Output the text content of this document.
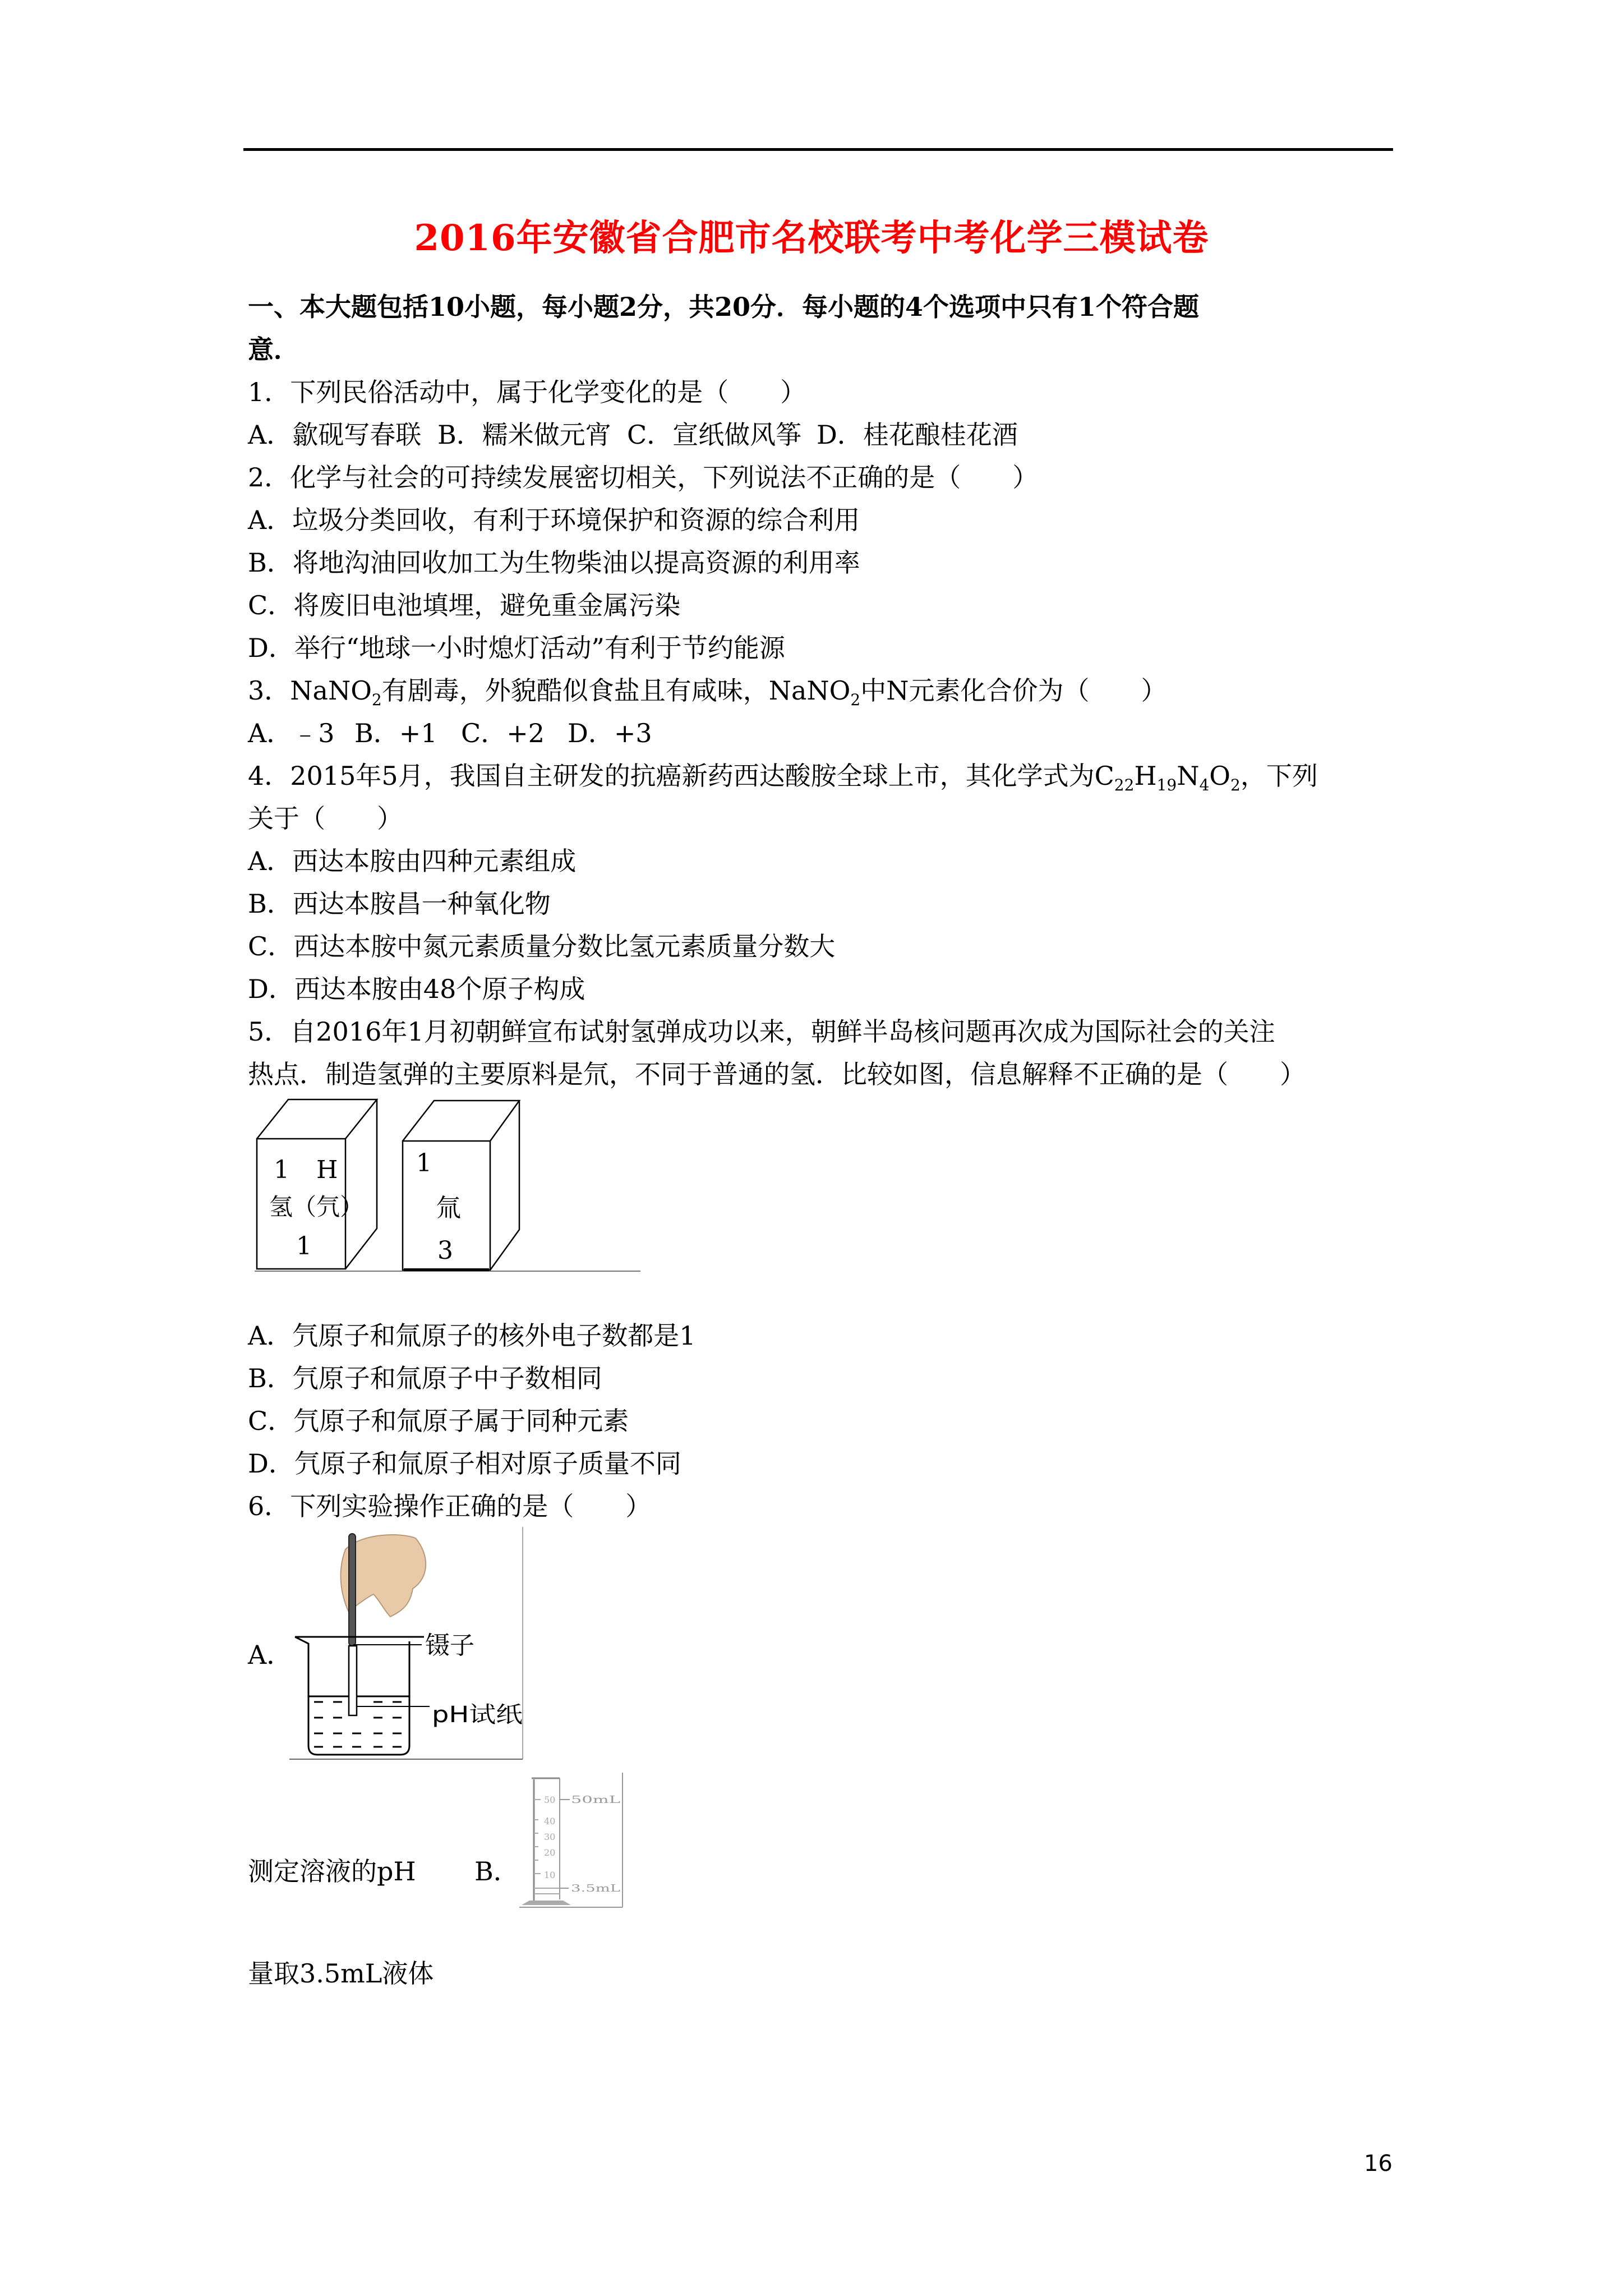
2016年安徽省合肥市名校联考中考化学三模试卷
一、本大题包括10小题，每小题2分，共20分．每小题的4个选项中只有1个符合题
意．
1．下列民俗活动中，属于化学变化的是（　　）
A．歙砚写春联 B．糯米做元宵 C．宣纸做风筝 D．桂花酿桂花酒
2．化学与社会的可持续发展密切相关，下列说法不正确的是（　　）
A．垃圾分类回收，有利于环境保护和资源的综合利用
B．将地沟油回收加工为生物柴油以提高资源的利用率
C．将废旧电池填埋，避免重金属污染
D．举行“地球一小时熄灯活动”有利于节约能源
3．NaNO$_2$有剧毒，外貌酷似食盐且有咸味，NaNO$_2$中N元素化合价为（　　）
A．﹣3 B．+1 C．+2 D．+3
4．2015年5月，我国自主研发的抗癌新药西达酸胺全球上市，其化学式为$C_{22}H_{19}N_4O_2$，下列
关于（　　）
A．西达本胺由四种元素组成
B．西达本胺昌一种氧化物
C．西达本胺中氮元素质量分数比氢元素质量分数大
D．西达本胺由48个原子构成
5．自2016年1月初朝鲜宣布试射氢弹成功以来，朝鲜半岛核问题再次成为国际社会的关注
热点．制造氢弹的主要原料是氘，不同于普通的氢．比较如图，信息解释不正确的是（　　）
1 H
氢（氕）
1
1
氚
3
A．氕原子和氚原子的核外电子数都是1
B．氕原子和氚原子中子数相同
C．氕原子和氚原子属于同种元素
D．氕原子和氚原子相对原子质量不同
6．下列实验操作正确的是（　　）
A．	镊子
pH试纸
测定溶液的pH B．
50
40
30
20
10
50mL
3.5mL
量取3.5mL液体
16
